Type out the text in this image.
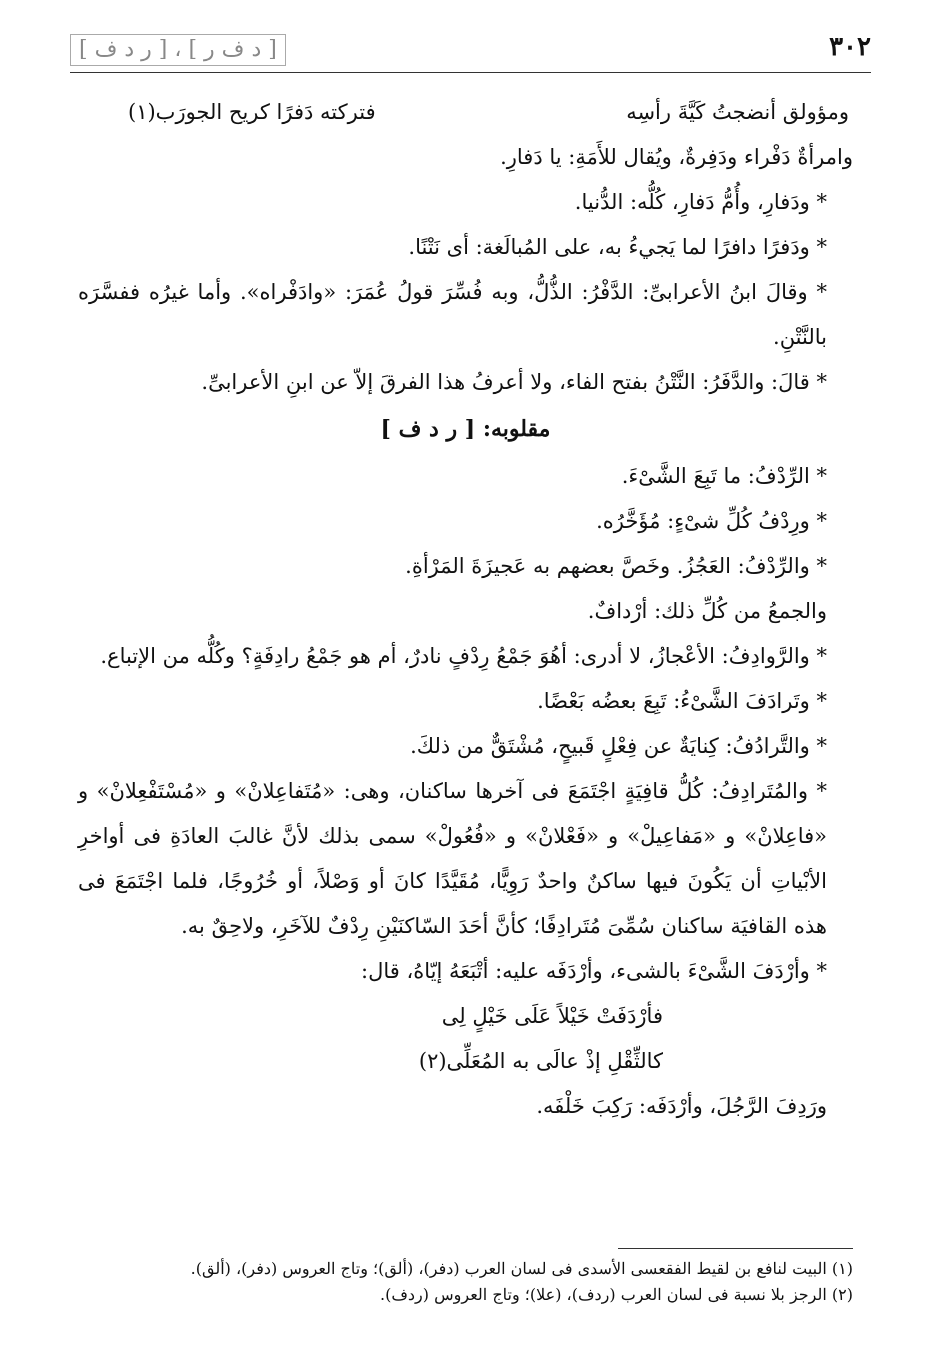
٣٠٢
[ د ف ر ] ، [ ر د ف ]
ومؤولق أنضجتُ كَيَّةَ رأسِه
فتركته دَفرًا كريح الجورَب(١)
وامرأةٌ دَفْراء ودَفِرةٌ، ويُقال للأَمَةِ: يا دَفارِ.
* ودَفارِ، وأُمُّ دَفارِ، كُلُّه: الدُّنيا.
* ودَفرًا دافرًا لما يَجيءُ به، على المُبالَغة: أى نَتْنًا.
* وقالَ ابنُ الأعرابىِّ: الدَّفْرُ: الذُّلُّ، وبه فُسِّرَ قولُ عُمَرَ: «وادَفْراه». وأما غيرُه ففسَّرَه بالنَّتْنِ.
* قالَ: والدَّفَرُ: النَّتْنُ بفتح الفاء، ولا أعرفُ هذا الفرقَ إلاّ عن ابنِ الأعرابىِّ.
مقلوبه: [ ر د ف ]
* الرِّدْفُ: ما تَبِعَ الشَّىْءَ.
* ورِدْفُ كُلِّ شىْءٍ: مُؤَخَّرُه.
* والرِّدْفُ: العَجُزُ. وخَصَّ بعضهم به عَجيزَةَ المَرْأةِ.
والجمعُ من كُلِّ ذلك: أرْدافٌ.
* والرَّوادِفُ: الأعْجازُ، لا أدرى: أهُوَ جَمْعُ رِدْفٍ نادرٌ، أم هو جَمْعُ رادِفَةٍ؟ وكُلُّه من الإتباع.
* وتَرادَفَ الشَّىْءُ: تَبِعَ بعضُه بَعْضًا.
* والتَّرادُفُ: كِنايَةٌ عن فِعْلٍ قَبيحٍ، مُشْتَقٌّ من ذلكَ.
* والمُتَرادِفُ: كُلُّ قافِيَةٍ اجْتَمَعَ فى آخرها ساكنان، وهى: «مُتَفاعِلانْ» و «مُسْتَفْعِلانْ» و «فاعِلانْ» و «مَفاعِيلْ» و «فَعْلانْ» و «فُعُولْ» سمى بذلك لأنَّ غالبَ العادَةِ فى أواخرِ الأبْياتِ أن يَكُونَ فيها ساكنٌ واحدٌ رَوِيًّا، مُقَيَّدًا كانَ أو وَصْلاً، أو خُرُوجًا، فلما اجْتَمَعَ فى هذه القافيَة ساكنان سُمِّىَ مُتَرادِفًا؛ كأنَّ أحَدَ السّاكنَيْنِ رِدْفٌ للآخَرِ، ولاحِقٌ به.
* وأرْدَفَ الشَّىْءَ بالشىء، وأرْدَفَه عليه: أتْبَعَهُ إيّاهُ، قال:
فأرْدَفَتْ خَيْلاً عَلَى خَيْلٍ لِى
كالثِّقْلِ إذْ عالَى به المُعَلِّى(٢)
ورَدِفَ الرَّجُلَ، وأرْدَفَه: رَكِبَ خَلْفَه.
(١) البيت لنافع بن لقيط الفقعسى الأسدى فى لسان العرب (دفر)، (ألق)؛ وتاج العروس (دفر)، (ألق).
(٢) الرجز بلا نسبة فى لسان العرب (ردف)، (علا)؛ وتاج العروس (ردف).
